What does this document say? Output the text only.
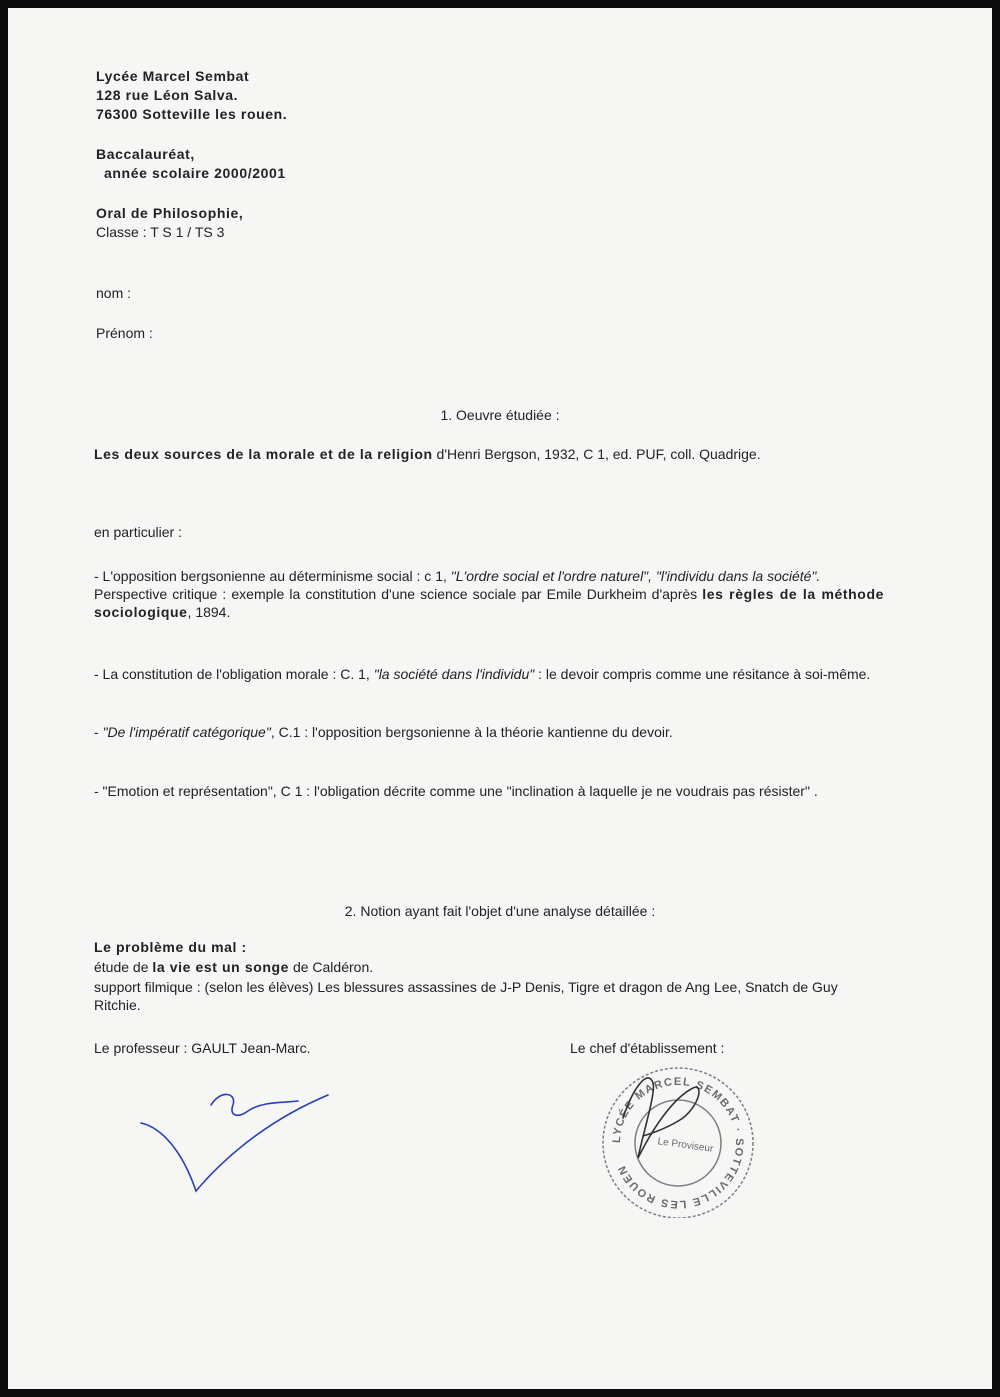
Lycée Marcel Sembat
128 rue Léon Salva.
76300 Sotteville les rouen.
Baccalauréat,
année scolaire 2000/2001
Oral de Philosophie,
Classe : T S 1 / TS 3
nom :
Prénom :
1. Oeuvre étudiée :
Les deux sources de la morale et de la religion d'Henri Bergson, 1932, C 1, ed. PUF, coll. Quadrige.
en particulier :
- L'opposition bergsonienne au déterminisme social : c 1, "L'ordre social et l'ordre naturel", "l'individu dans la société".
Perspective critique : exemple la constitution d'une science sociale par Emile Durkheim d'après les règles de la méthode sociologique, 1894.
- La constitution de l'obligation morale : C. 1, "la société dans l'individu" : le devoir compris comme une résitance à soi-même.
- "De l'impératif catégorique", C.1 : l'opposition bergsonienne à la théorie kantienne du devoir.
- "Emotion et représentation", C 1 : l'obligation décrite comme une "inclination à laquelle je ne voudrais pas résister" .
2. Notion ayant fait l'objet d'une analyse détaillée :
Le problème du mal :
étude de la vie est un songe de Caldéron.
support filmique : (selon les élèves) Les blessures assassines de J-P Denis, Tigre et dragon de Ang Lee, Snatch de Guy Ritchie.
Le professeur : GAULT Jean-Marc.	Le chef d'établissement :
LYCÉE MARCEL SEMBAT · SOTTEVILLE LES ROUEN
Le Proviseur
